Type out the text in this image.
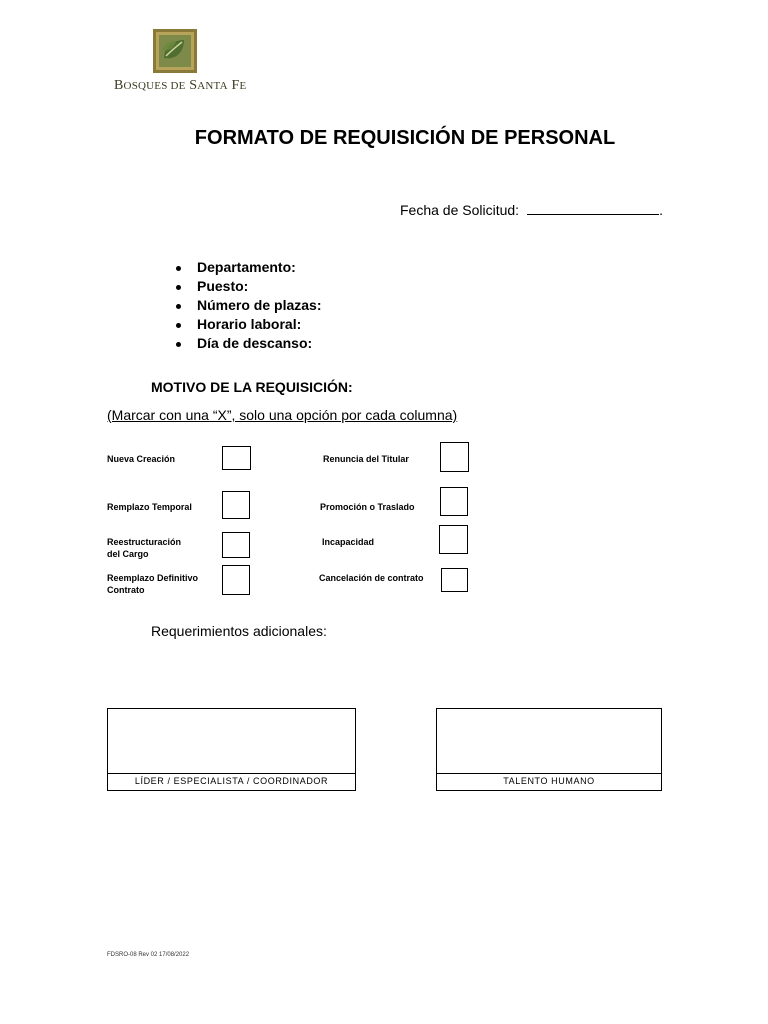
BOSQUES DE SANTA FE
FORMATO DE REQUISICIÓN DE PERSONAL
Fecha de Solicitud:	.
Departamento:
Puesto:
Número de plazas:
Horario laboral:
Día de descanso:
MOTIVO DE LA REQUISICIÓN:
(Marcar con una “X”, solo una opción por cada columna)
Nueva Creación
Remplazo Temporal
Reestructuración
del Cargo
Reemplazo Definitivo
Contrato
Renuncia del Titular
Promoción o Traslado
Incapacidad
Cancelación de contrato
Requerimientos adicionales:
LÍDER / ESPECIALISTA / COORDINADOR	TALENTO HUMANO
FDSRO-08 Rev 02 17/08/2022
